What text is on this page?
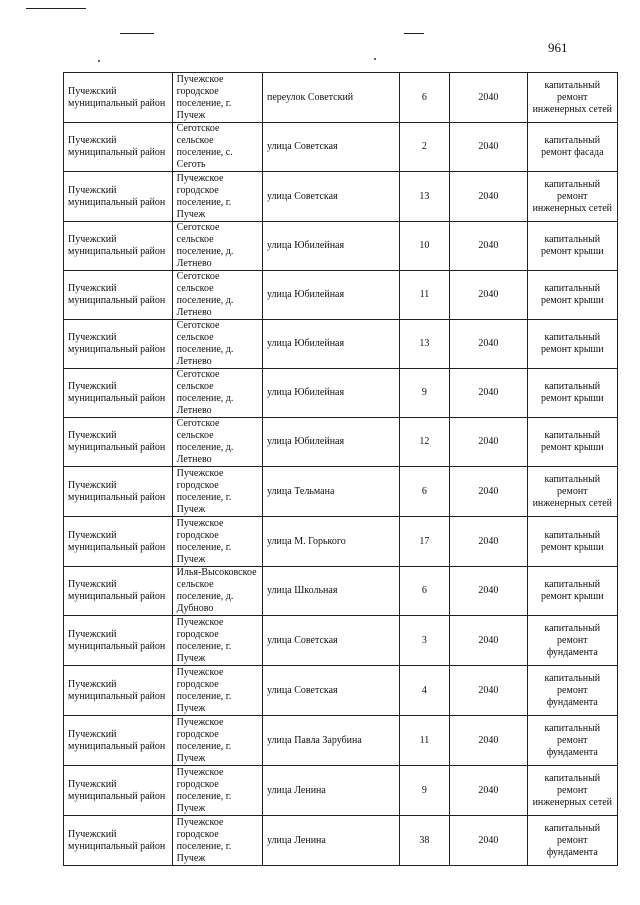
961
Пучежский муниципальный район	Пучежское городское поселение, г. Пучеж	переулок Советский	6	2040	капитальный ремонт инженерных сетей
Пучежский муниципальный район	Сеготское сельское поселение, с. Сеготь	улица Советская	2	2040	капитальный ремонт фасада
Пучежский муниципальный район	Пучежское городское поселение, г. Пучеж	улица Советская	13	2040	капитальный ремонт инженерных сетей
Пучежский муниципальный район	Сеготское сельское поселение, д. Летнево	улица Юбилейная	10	2040	капитальный ремонт крыши
Пучежский муниципальный район	Сеготское сельское поселение, д. Летнево	улица Юбилейная	11	2040	капитальный ремонт крыши
Пучежский муниципальный район	Сеготское сельское поселение, д. Летнево	улица Юбилейная	13	2040	капитальный ремонт крыши
Пучежский муниципальный район	Сеготское сельское поселение, д. Летнево	улица Юбилейная	9	2040	капитальный ремонт крыши
Пучежский муниципальный район	Сеготское сельское поселение, д. Летнево	улица Юбилейная	12	2040	капитальный ремонт крыши
Пучежский муниципальный район	Пучежское городское поселение, г. Пучеж	улица Тельмана	6	2040	капитальный ремонт инженерных сетей
Пучежский муниципальный район	Пучежское городское поселение, г. Пучеж	улица М. Горького	17	2040	капитальный ремонт крыши
Пучежский муниципальный район	Илья-Высоковское сельское поселение, д. Дубново	улица Школьная	6	2040	капитальный ремонт крыши
Пучежский муниципальный район	Пучежское городское поселение, г. Пучеж	улица Советская	3	2040	капитальный ремонт фундамента
Пучежский муниципальный район	Пучежское городское поселение, г. Пучеж	улица Советская	4	2040	капитальный ремонт фундамента
Пучежский муниципальный район	Пучежское городское поселение, г. Пучеж	улица Павла Зарубина	11	2040	капитальный ремонт фундамента
Пучежский муниципальный район	Пучежское городское поселение, г. Пучеж	улица Ленина	9	2040	капитальный ремонт инженерных сетей
Пучежский муниципальный район	Пучежское городское поселение, г. Пучеж	улица Ленина	38	2040	капитальный ремонт фундамента
